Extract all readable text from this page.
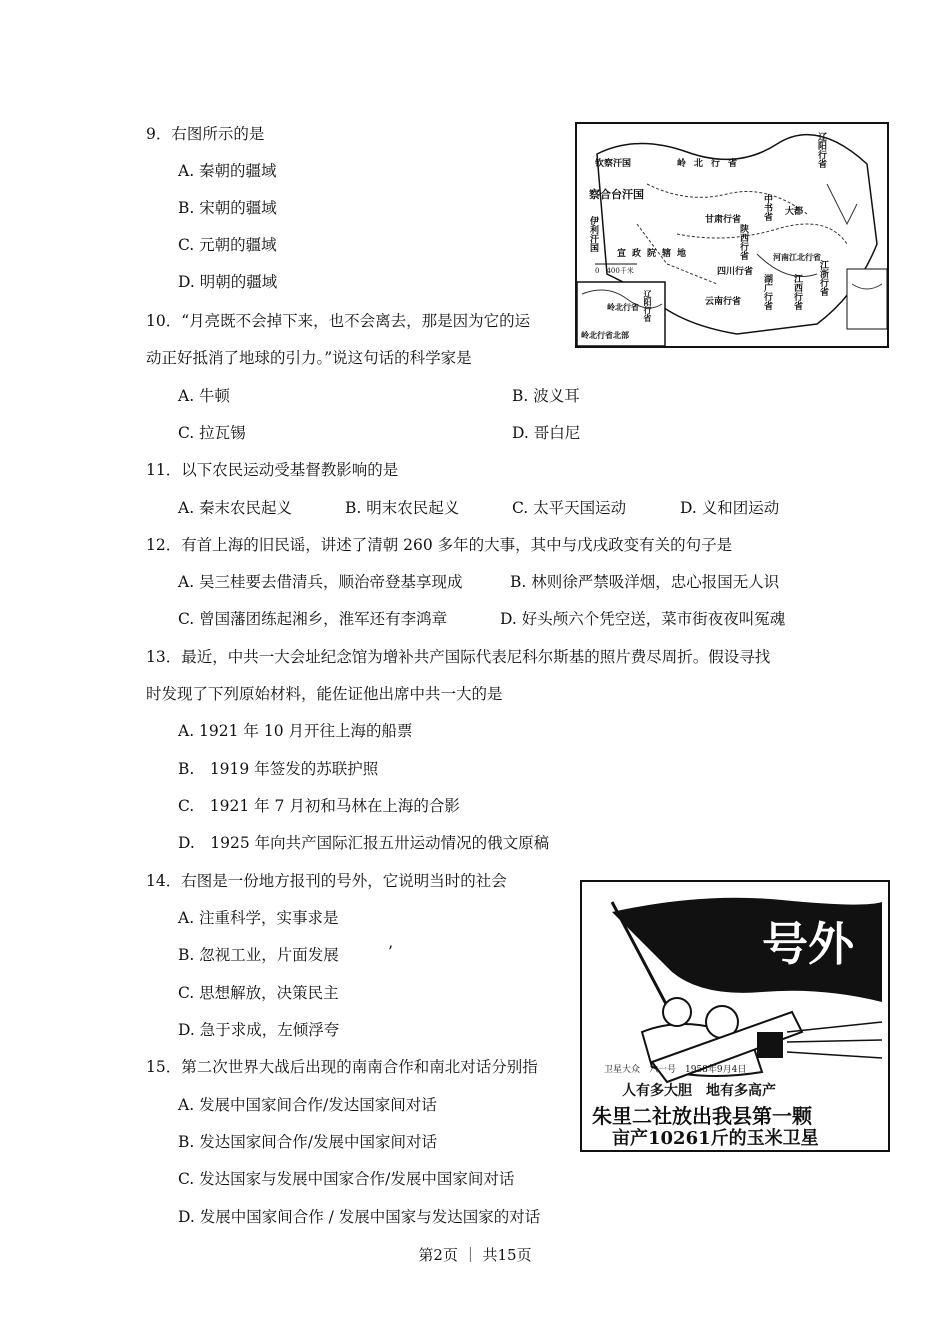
9．右图所示的是
A. 秦朝的疆域
B. 宋朝的疆域
C. 元朝的疆域
D. 明朝的疆域
钦察汗国
察合台汗国
伊利汗国
岭北行省	辽阳行省
宣政院辖地
甘肃行省 中书省 大都
陕西行省	河南江北行省
四川行省
湖广行省	江浙行省
江西行省
云南行省
0　400千米
岭北行省北部
岭北行省 辽阳行省
10．“月亮既不会掉下来，也不会离去，那是因为它的运
动正好抵消了地球的引力。”说这句话的科学家是
A. 牛顿	B. 波义耳
C. 拉瓦锡	D. 哥白尼
11．以下农民运动受基督教影响的是
A. 秦末农民起义	B. 明末农民起义	C. 太平天国运动	D. 义和团运动
12．有首上海的旧民谣，讲述了清朝 260 多年的大事，其中与戊戌政变有关的句子是
A. 吴三桂要去借清兵，顺治帝登基享现成	B. 林则徐严禁吸洋烟，忠心报国无人识
C. 曾国藩团练起湘乡，淮军还有李鸿章	D. 好头颅六个凭空送，菜市街夜夜叫冤魂
13．最近，中共一大会址纪念馆为增补共产国际代表尼科尔斯基的照片费尽周折。假设寻找
时发现了下列原始材料，能佐证他出席中共一大的是
A. 1921 年 10 月开往上海的船票
B.　1919 年签发的苏联护照
C.　1921 年 7 月初和马林在上海的合影
D.　1925 年向共产国际汇报五卅运动情况的俄文原稿
14．右图是一份地方报刊的号外，它说明当时的社会
A. 注重科学，实事求是
B. 忽视工业，片面发展	’
C. 思想解放，决策民主
D. 急于求成，左倾浮夸
号外
卫星大众　六一号　1958年9月4日
人有多大胆　地有多高产
朱里二社放出我县第一颗
亩产10261斤的玉米卫星
15．第二次世界大战后出现的南南合作和南北对话分别指
A. 发展中国家间合作/发达国家间对话
B. 发达国家间合作/发展中国家间对话
C. 发达国家与发展中国家合作/发展中国家间对话
D. 发展中国家间合作 / 发展中国家与发达国家的对话
第2页 ｜ 共15页
